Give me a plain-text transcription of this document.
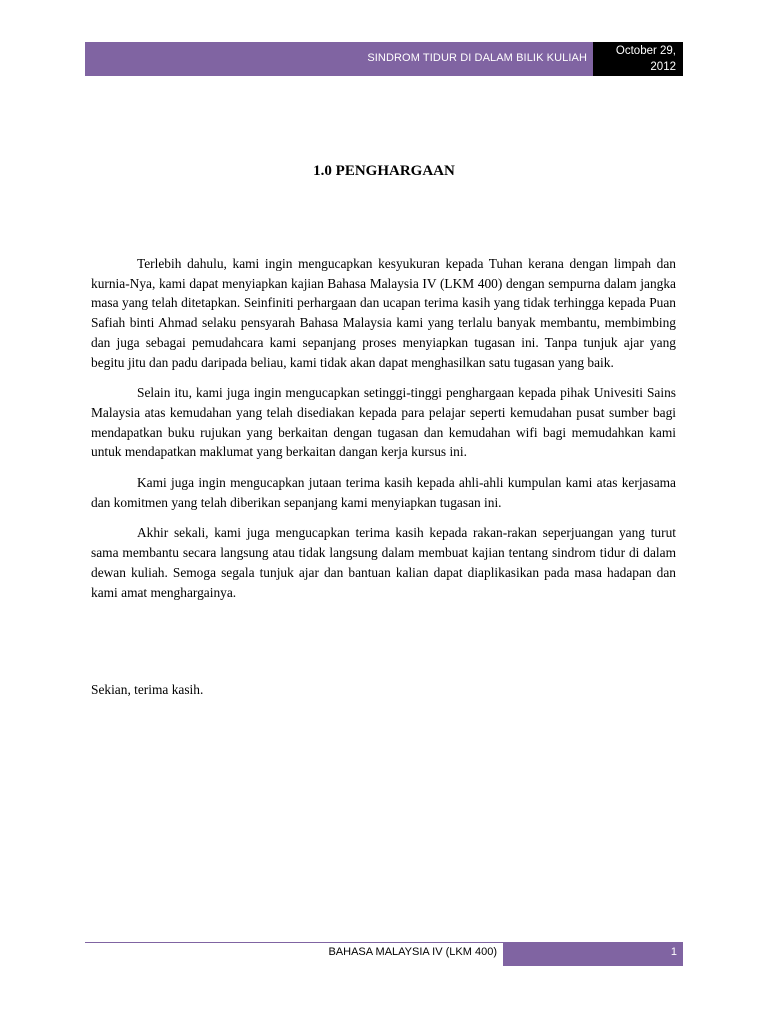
SINDROM TIDUR DI DALAM BILIK KULIAH
October 29,
2012
1.0 PENGHARGAAN

Terlebih dahulu, kami ingin mengucapkan kesyukuran kepada Tuhan kerana dengan limpah dan kurnia-Nya, kami dapat menyiapkan kajian Bahasa Malaysia IV (LKM 400) dengan sempurna dalam jangka masa yang telah ditetapkan. Seinfiniti perhargaan dan ucapan terima kasih yang tidak terhingga kepada Puan Safiah binti Ahmad selaku pensyarah Bahasa Malaysia kami yang terlalu banyak membantu, membimbing dan juga sebagai pemudahcara kami sepanjang proses menyiapkan tugasan ini. Tanpa tunjuk ajar yang begitu jitu dan padu daripada beliau, kami tidak akan dapat menghasilkan satu tugasan yang baik.

Selain itu, kami juga ingin mengucapkan setinggi-tinggi penghargaan kepada pihak Univesiti Sains Malaysia atas kemudahan yang telah disediakan kepada para pelajar seperti kemudahan pusat sumber bagi mendapatkan buku rujukan yang berkaitan dengan tugasan dan kemudahan wifi bagi memudahkan kami untuk mendapatkan maklumat yang berkaitan dangan kerja kursus ini.

Kami juga ingin mengucapkan jutaan terima kasih kepada ahli-ahli kumpulan kami atas kerjasama dan komitmen yang telah diberikan sepanjang kami menyiapkan tugasan ini.

Akhir sekali, kami juga mengucapkan terima kasih kepada rakan-rakan seperjuangan yang turut sama membantu secara langsung atau tidak langsung dalam membuat kajian tentang sindrom tidur di dalam dewan kuliah. Semoga segala tunjuk ajar dan bantuan kalian dapat diaplikasikan pada masa hadapan dan kami amat menghargainya.

Sekian, terima kasih.
BAHASA MALAYSIA IV (LKM 400)	1
